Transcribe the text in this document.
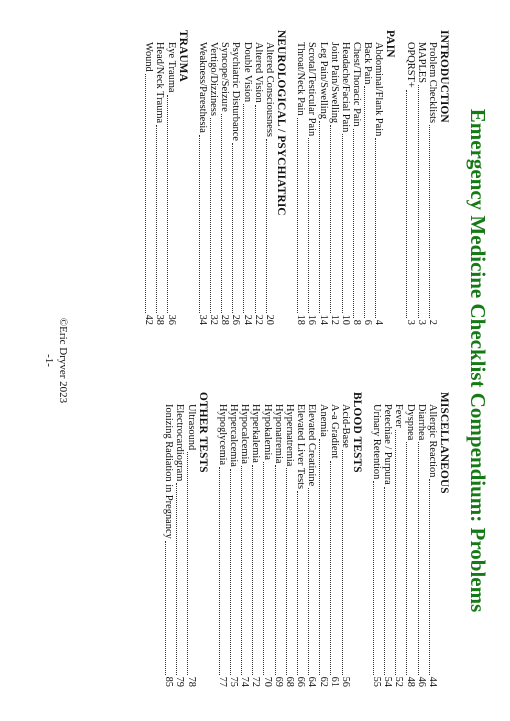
Emergency Medicine Checklist Compendium: Problems
INTRODUCTION
Problem Checklists
2
MAPLES
3
OPQRST+
3
PAIN
Abdominal/Flank Pain
4
Back Pain
6
Chest/Thoracic Pain
8
Headache/Facial Pain
10
Joint Pain/Swelling
12
Leg Pain/Swelling
14
Scrotal/Testicular Pain
16
Throat/Neck Pain
18
NEUROLOGICAL / PSYCHIATRIC
Altered Consciousness
20
Altered Vision
22
Double Vision
24
Psychiatric Disturbance
26
Syncope/Seizure
28
Vertigo/Dizziness
32
Weakness/Paresthesia
34
TRAUMA
Eye Trauma
36
Head/Neck Trauma
38
Wound
42
MISCELLANEOUS
Allergic Reaction
44
Diarrhea
46
Dyspnea
48
Fever
52
Petechiae / Purpura
54
Urinary Retention
55
BLOOD TESTS
Acid-Base
56
A-a Gradient
61
Anemia
62
Elevated Creatinine
64
Elevated Liver Tests
66
Hypernatremia
68
Hyponatremia
69
Hypokalemia
70
Hyperkalemia
72
Hypocalcemia
74
Hypercalcemia
75
Hypoglycemia
77
OTHER TESTS
Ultrasound
78
Electrocardiogram
79
Ionizing Radiation in Pregnancy
85
©Eric Dryver 2023
-1-
